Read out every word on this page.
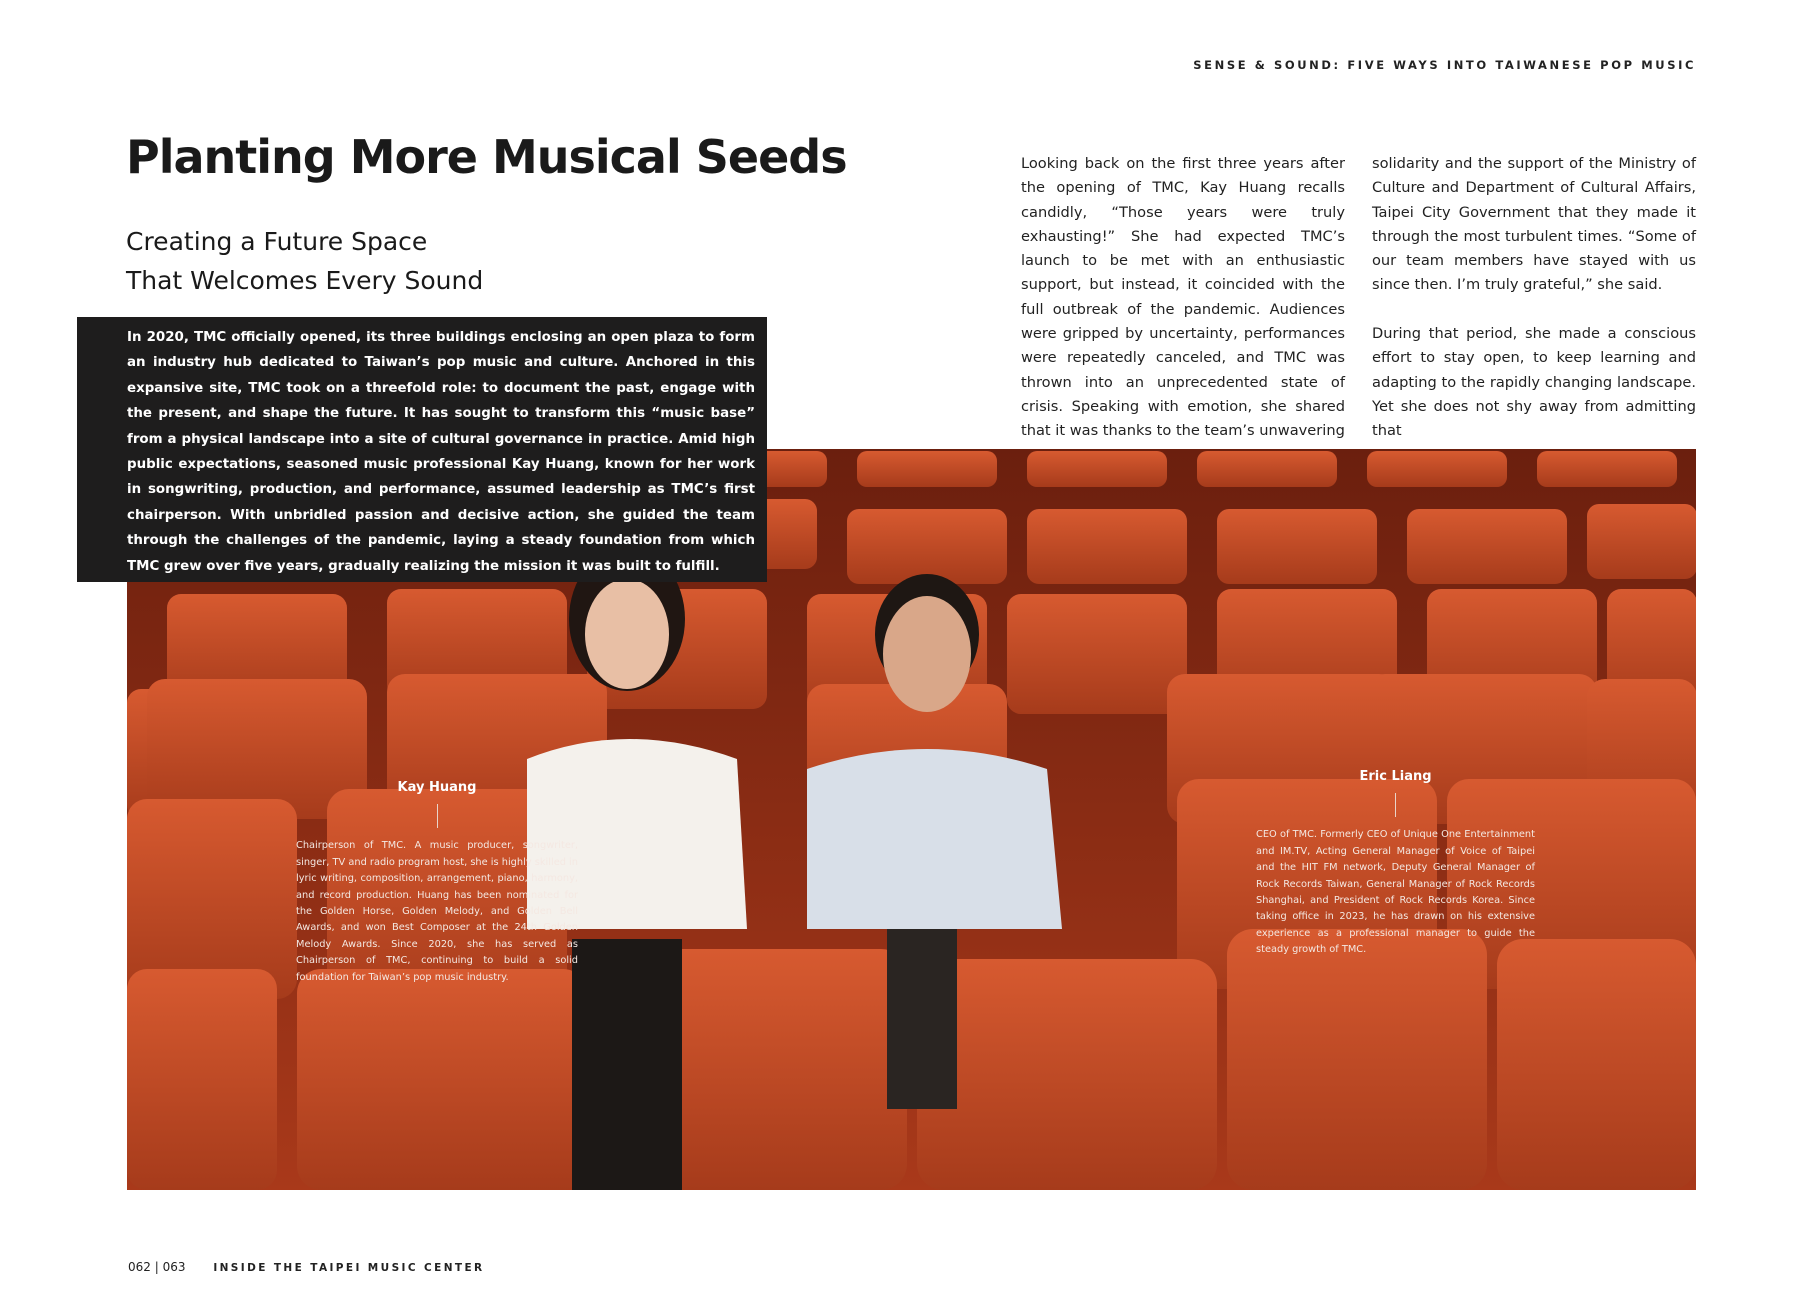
SENSE & SOUND: FIVE WAYS INTO TAIWANESE POP MUSIC
Planting More Musical Seeds
Creating a Future Space
That Welcomes Every Sound

Looking back on the first three years after the opening of TMC, Kay Huang recalls candidly, “Those years were truly exhausting!” She had expected TMC’s launch to be met with an enthusiastic support, but instead, it coincided with the full outbreak of the pandemic. Audiences were gripped by uncertainty, performances were repeatedly canceled, and TMC was thrown into an unprecedented state of crisis. Speaking with emotion, she shared that it was thanks to the team’s unwavering

solidarity and the support of the Ministry of Culture and Department of Cultural Affairs, Taipei City Government that they made it through the most turbulent times. “Some of our team members have stayed with us since then. I’m truly grateful,” she said.

During that period, she made a conscious effort to stay open, to keep learning and adapting to the rapidly changing landscape. Yet she does not shy away from admitting that

In 2020, TMC officially opened, its three buildings enclosing an open plaza to form an industry hub dedicated to Taiwan’s pop music and culture. Anchored in this expansive site, TMC took on a threefold role: to document the past, engage with the present, and shape the future. It has sought to transform this “music base” from a physical landscape into a site of cultural governance in practice. Amid high public expectations, seasoned music professional Kay Huang, known for her work in songwriting, production, and performance, assumed leadership as TMC’s first chairperson. With unbridled passion and decisive action, she guided the team through the challenges of the pandemic, laying a steady foundation from which TMC grew over five years, gradually realizing the mission it was built to fulfill.
Kay Huang
Chairperson of TMC. A music producer, songwriter, singer, TV and radio program host, she is highly skilled in lyric writing, composition, arrangement, piano, harmony, and record production. Huang has been nominated for the Golden Horse, Golden Melody, and Golden Bell Awards, and won Best Composer at the 24th Golden Melody Awards. Since 2020, she has served as Chairperson of TMC, continuing to build a solid foundation for Taiwan’s pop music industry.
Eric Liang
CEO of TMC. Formerly CEO of Unique One Entertainment and IM.TV, Acting General Manager of Voice of Taipei and the HIT FM network, Deputy General Manager of Rock Records Taiwan, General Manager of Rock Records Shanghai, and President of Rock Records Korea. Since taking office in 2023, he has drawn on his extensive experience as a professional manager to guide the steady growth of TMC.
062 | 063	INSIDE THE TAIPEI MUSIC CENTER
